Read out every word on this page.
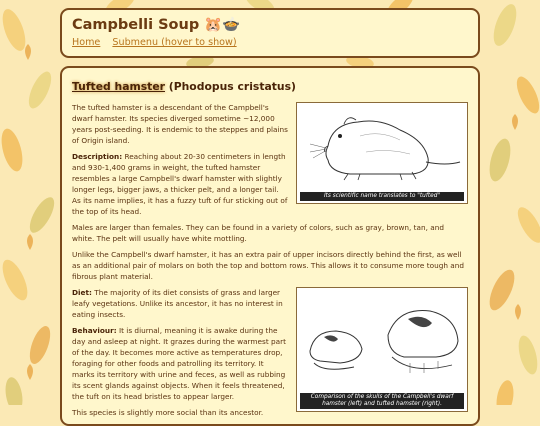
Campbelli Soup 🐹🍲
Home Submenu (hover to show)
Tufted hamster (Phodopus cristatus)
Its scientific name translates to "tufted"

The tufted hamster is a descendant of the Campbell's dwarf hamster. Its species diverged sometime ~12,000 years post-seeding. It is endemic to the steppes and plains of Origin island.

Description: Reaching about 20-30 centimeters in length and 930-1,400 grams in weight, the tufted hamster resembles a large Campbell's dwarf hamster with slightly longer legs, bigger jaws, a thicker pelt, and a longer tail. As its name implies, it has a fuzzy tuft of fur sticking out of the top of its head.

Males are larger than females. They can be found in a variety of colors, such as gray, brown, tan, and white. The pelt will usually have white mottling.

Unlike the Campbell's dwarf hamster, it has an extra pair of upper incisors directly behind the first, as well as an additional pair of molars on both the top and bottom rows. This allows it to consume more tough and fibrous plant material.

Comparison of the skulls of the Campbell's dwarf hamster (left) and tufted hamster (right).

Diet: The majority of its diet consists of grass and larger leafy vegetations. Unlike its ancestor, it has no interest in eating insects.

Behaviour: It is diurnal, meaning it is awake during the day and asleep at night. It grazes during the warmest part of the day. It becomes more active as temperatures drop, foraging for other foods and patrolling its territory. It marks its territory with urine and feces, as well as rubbing its scent glands against objects. When it feels threatened, the tuft on its head bristles to appear larger.

This species is slightly more social than its ancestor.
